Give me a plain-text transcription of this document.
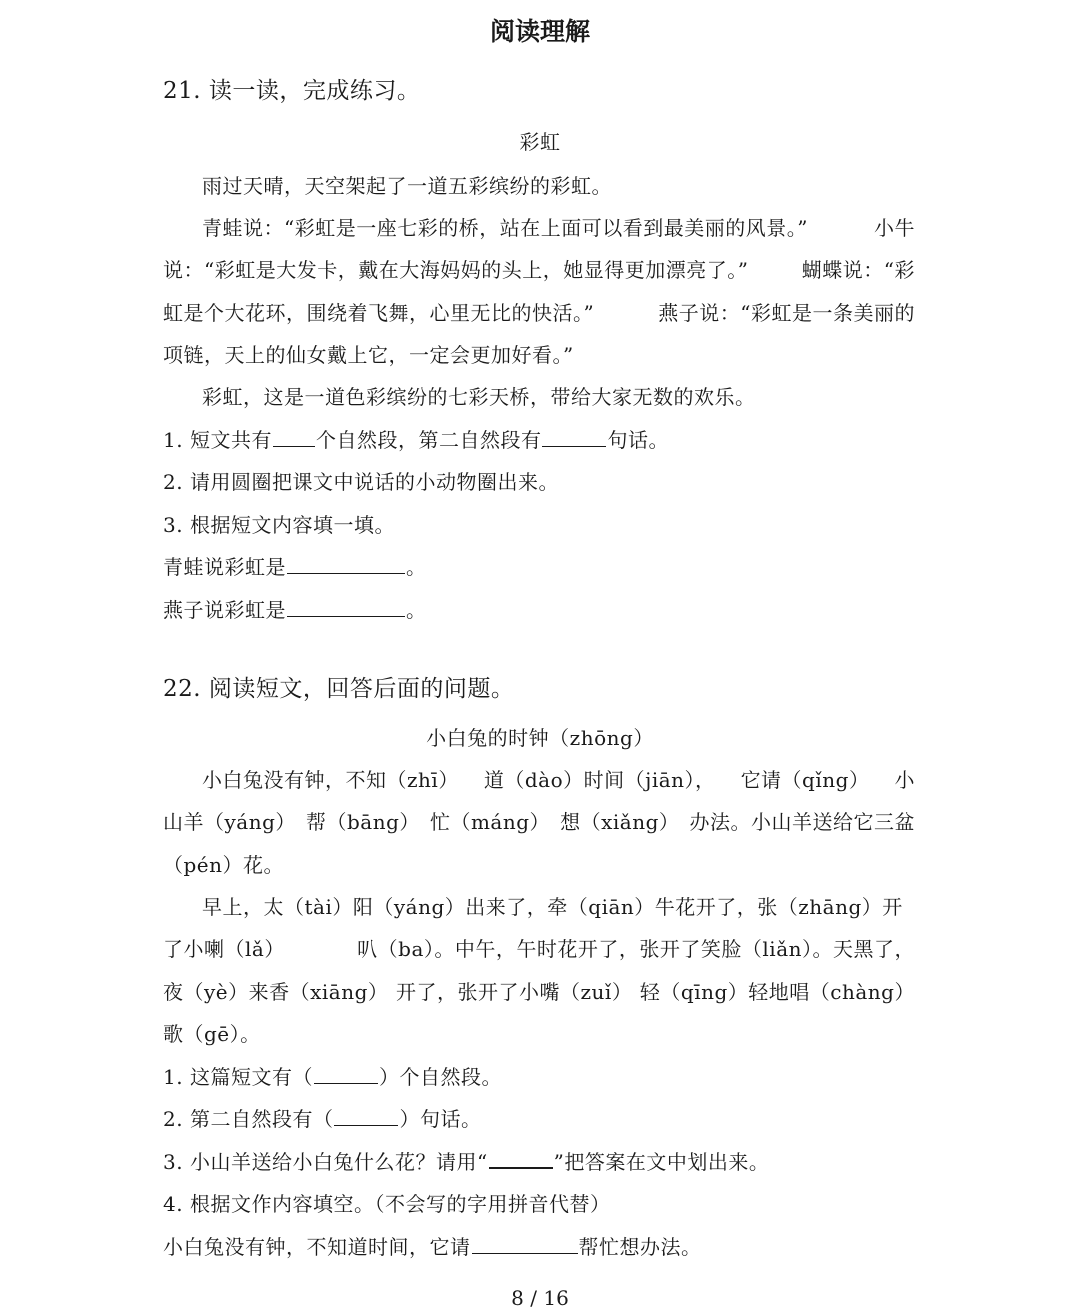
阅读理解
21. 读一读，完成练习。
彩虹
雨过天晴，天空架起了一道五彩缤纷的彩虹。
青蛙说：“彩虹是一座七彩的桥，站在上面可以看到最美丽的风景。”	小牛
说：“彩虹是大发卡，戴在大海妈妈的头上，她显得更加漂亮了。”	蝴蝶说：“彩
虹是个大花环，围绕着飞舞，心里无比的快活。”	燕子说：“彩虹是一条美丽的
项链，天上的仙女戴上它，一定会更加好看。”
彩虹，这是一道色彩缤纷的七彩天桥，带给大家无数的欢乐。
1. 短文共有 个自然段，第二自然段有	句话。
2. 请用圆圈把课文中说话的小动物圈出来。
3. 根据短文内容填一填。
青蛙说彩虹是	。
燕子说彩虹是	。
22. 阅读短文，回答后面的问题。
小白兔的时钟（zhōng）
小白兔没有钟，不知（zhī） 道（dào）时间（jiān）， 它请（qǐng） 小
山羊（yáng） 帮（bāng） 忙（máng） 想（xiǎng） 办法。小山羊送给它三盆
（pén）花。
早上，太（tài）阳（yáng）出来了，牵（qiān）牛花开了，张（zhāng）开
了小喇（lǎ）	叭（ba）。中午，午时花开了，张开了笑脸（liǎn）。天黑了，
夜（yè）来香（xiāng） 开了，张开了小嘴（zuǐ） 轻（qīng）轻地唱（chàng）
歌（gē）。
1. 这篇短文有（	）个自然段。
2. 第二自然段有（	）句话。
3. 小山羊送给小白兔什么花？请用“	”把答案在文中划出来。
4. 根据文作内容填空。（不会写的字用拼音代替）
小白兔没有钟，不知道时间，它请	帮忙想办法。
8 / 16
